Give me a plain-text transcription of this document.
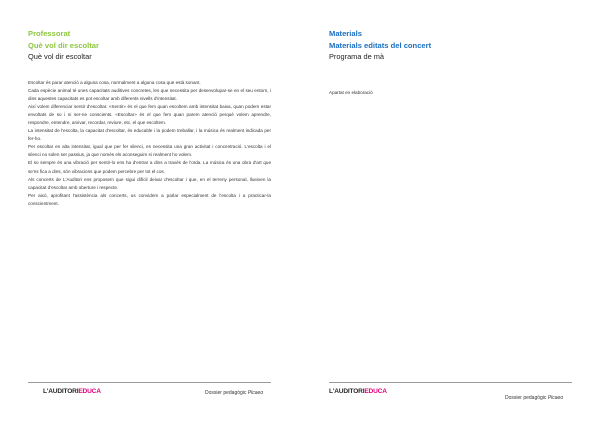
Professorat
Què vol dir escoltar
Què vol dir escoltar

Escoltar és parar atenció a alguna cosa, normalment a alguna cosa que està sonant.

Cada espècie animal té unes capacitats auditives concretes, les que necessita per desenvolupar-se en el seu entorn, i dins aquestes capacitats es pot escoltar amb diferents nivells d'intensitat.

Així volem diferenciar sentir d'escoltar. «Sentir» és el que fem quan escoltem amb intensitat baixa, quan podem estar envoltats de so i ni ser-ne conscients. «Escoltar» és el que fem quan parem atenció perquè volem aprendre, respondre, entendre, arxivar, recordar, reviure, etc. el que escoltem.

La intensitat de l'escolta, la capacitat d'escoltar, és educable i la podem treballar, i la música és realment indicada per fer-ho.

Per escoltar en alta intensitat, igual que per fer silenci, es necessita una gran activitat i concentració. L'escolta i el silenci no solen ser passius, ja que només els aconseguim si realment ho volem.

El so sempre és una vibració per sentir-lo ens ha d'entrar a dins a través de l'oïda. La música és una obra d'art que se'ns fica a dins, són vibracions que podem percebre per tot el cos.

Als concerts de L'Auditori ens proposem que sigui difícil deixar d'escoltar i que, en el terreny personal, llueixen la capacitat d'escoltar amb oberture i respecte.

Per això, aprofitant l'assistència als concerts, us convidem a parlar especialment de l'escolta i a practicar-la conscientment.

L'AUDITORIEDUCA	Dossier pedagògic Picaeo
Materials
Materials editats del concert
Programa de mà
Apartat en elaboració
L'AUDITORIEDUCA
Dossier pedagògic Picaeo
